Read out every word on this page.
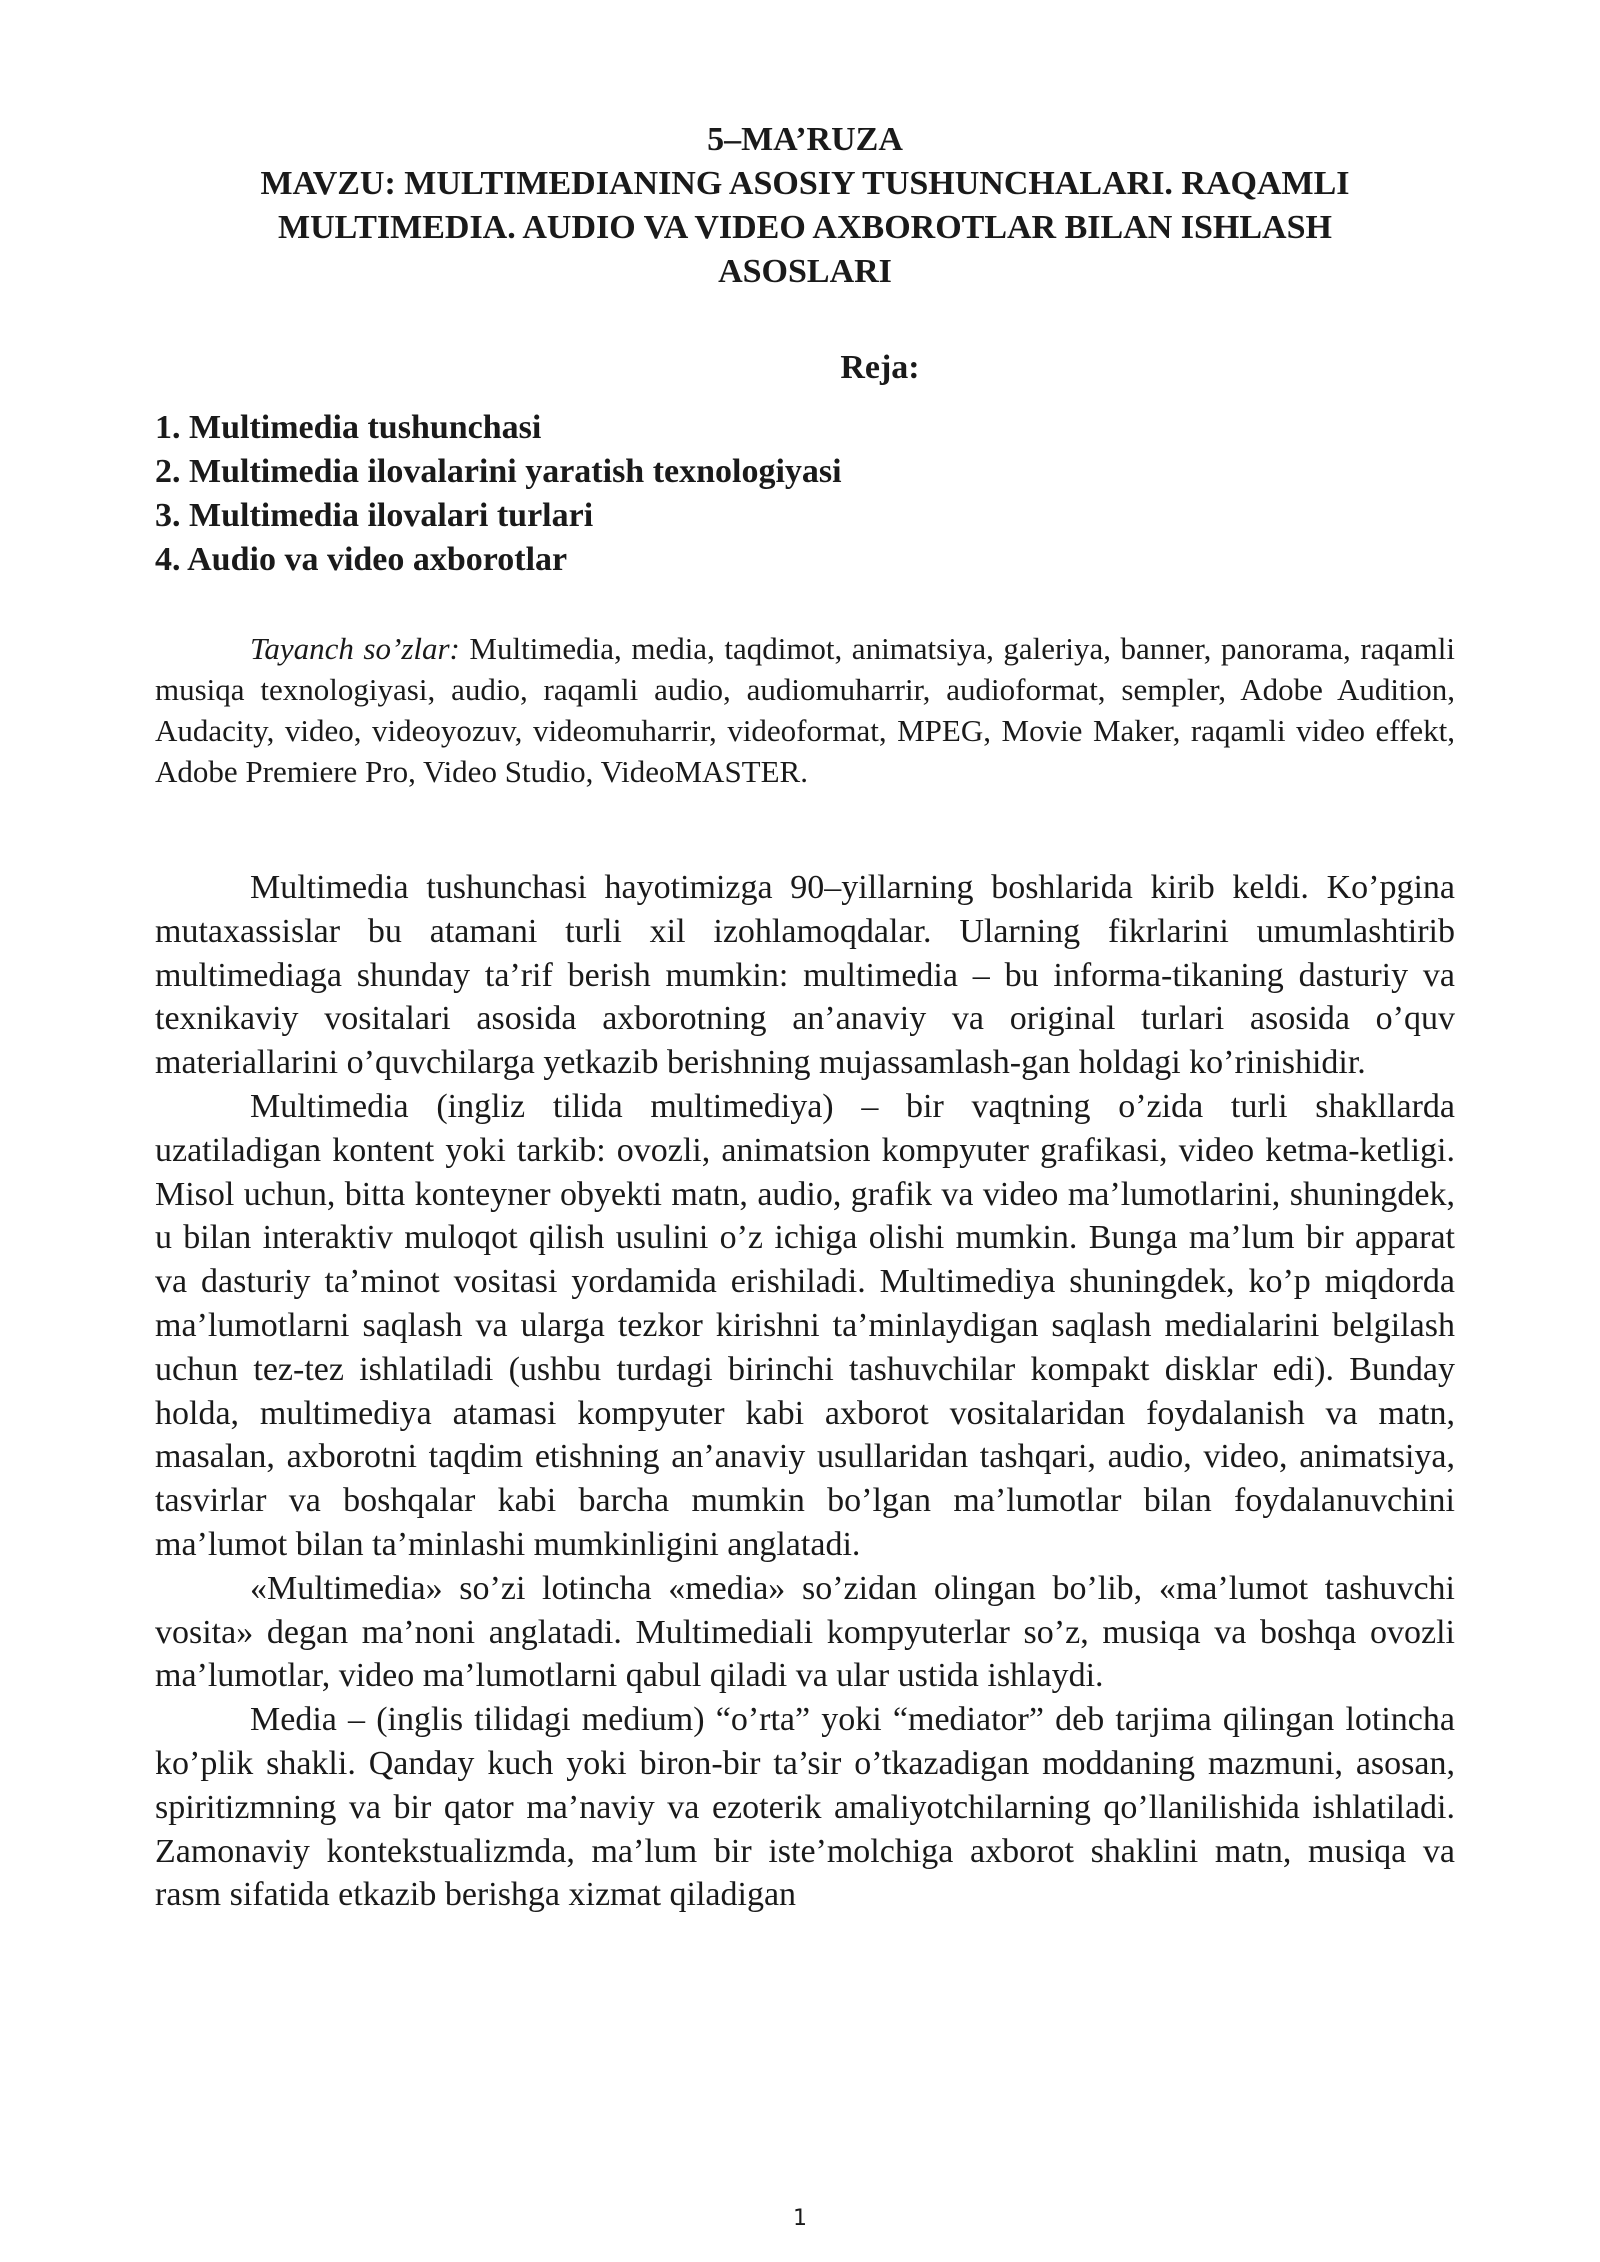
5–MA’RUZA
MAVZU: MULTIMEDIANING ASOSIY TUSHUNCHALARI. RAQAMLI
MULTIMEDIA. AUDIO VA VIDEO AXBOROTLAR BILAN ISHLASH
ASOSLARI
Reja:
1. Multimedia tushunchasi
2. Multimedia ilovalarini yaratish texnologiyasi
3. Multimedia ilovalari turlari
4. Audio va video axborotlar

Tayanch so’zlar: Multimedia, media, taqdimot, animatsiya, galeriya, banner, panorama, raqamli musiqa texnologiyasi, audio, raqamli audio, audiomuharrir, audioformat, sempler, Adobe Audition, Audacity, video, videoyozuv, videomuharrir, videoformat, MPEG, Movie Maker, raqamli video effekt, Adobe Premiere Pro, Video Studio, VideoMASTER.

Multimedia tushunchasi hayotimizga 90–yillarning boshlarida kirib keldi. Ko’pgina mutaxassislar bu atamani turli xil izohlamoqdalar. Ularning fikrlarini umumlashtirib multimediaga shunday ta’rif berish mumkin: multimedia – bu informa-tikaning dasturiy va texnikaviy vositalari asosida axborotning an’anaviy va original turlari asosida o’quv materiallarini o’quvchilarga yetkazib berishning mujassamlash-gan holdagi ko’rinishidir.

Multimedia (ingliz tilida multimediya) – bir vaqtning o’zida turli shakllarda uzatiladigan kontent yoki tarkib: ovozli, animatsion kompyuter grafikasi, video ketma-ketligi. Misol uchun, bitta konteyner obyekti matn, audio, grafik va video ma’lumotlarini, shuningdek, u bilan interaktiv muloqot qilish usulini o’z ichiga olishi mumkin. Bunga ma’lum bir apparat va dasturiy ta’minot vositasi yordamida erishiladi. Multimediya shuningdek, ko’p miqdorda ma’lumotlarni saqlash va ularga tezkor kirishni ta’minlaydigan saqlash medialarini belgilash uchun tez-tez ishlatiladi (ushbu turdagi birinchi tashuvchilar kompakt disklar edi). Bunday holda, multimediya atamasi kompyuter kabi axborot vositalaridan foydalanish va matn, masalan, axborotni taqdim etishning an’anaviy usullaridan tashqari, audio, video, animatsiya, tasvirlar va boshqalar kabi barcha mumkin bo’lgan ma’lumotlar bilan foydalanuvchini ma’lumot bilan ta’minlashi mumkinligini anglatadi.

«Multimedia» so’zi lotincha «media» so’zidan olingan bo’lib, «ma’lumot tashuvchi vosita» degan ma’noni anglatadi. Multimediali kompyuterlar so’z, musiqa va boshqa ovozli ma’lumotlar, video ma’lumotlarni qabul qiladi va ular ustida ishlaydi.

Media – (inglis tilidagi medium) “o’rta” yoki “mediator” deb tarjima qilingan lotincha ko’plik shakli. Qanday kuch yoki biron-bir ta’sir o’tkazadigan moddaning mazmuni, asosan, spiritizmning va bir qator ma’naviy va ezoterik amaliyotchilarning qo’llanilishida ishlatiladi. Zamonaviy kontekstualizmda, ma’lum bir iste’molchiga axborot shaklini matn, musiqa va rasm sifatida etkazib berishga xizmat qiladigan

1
